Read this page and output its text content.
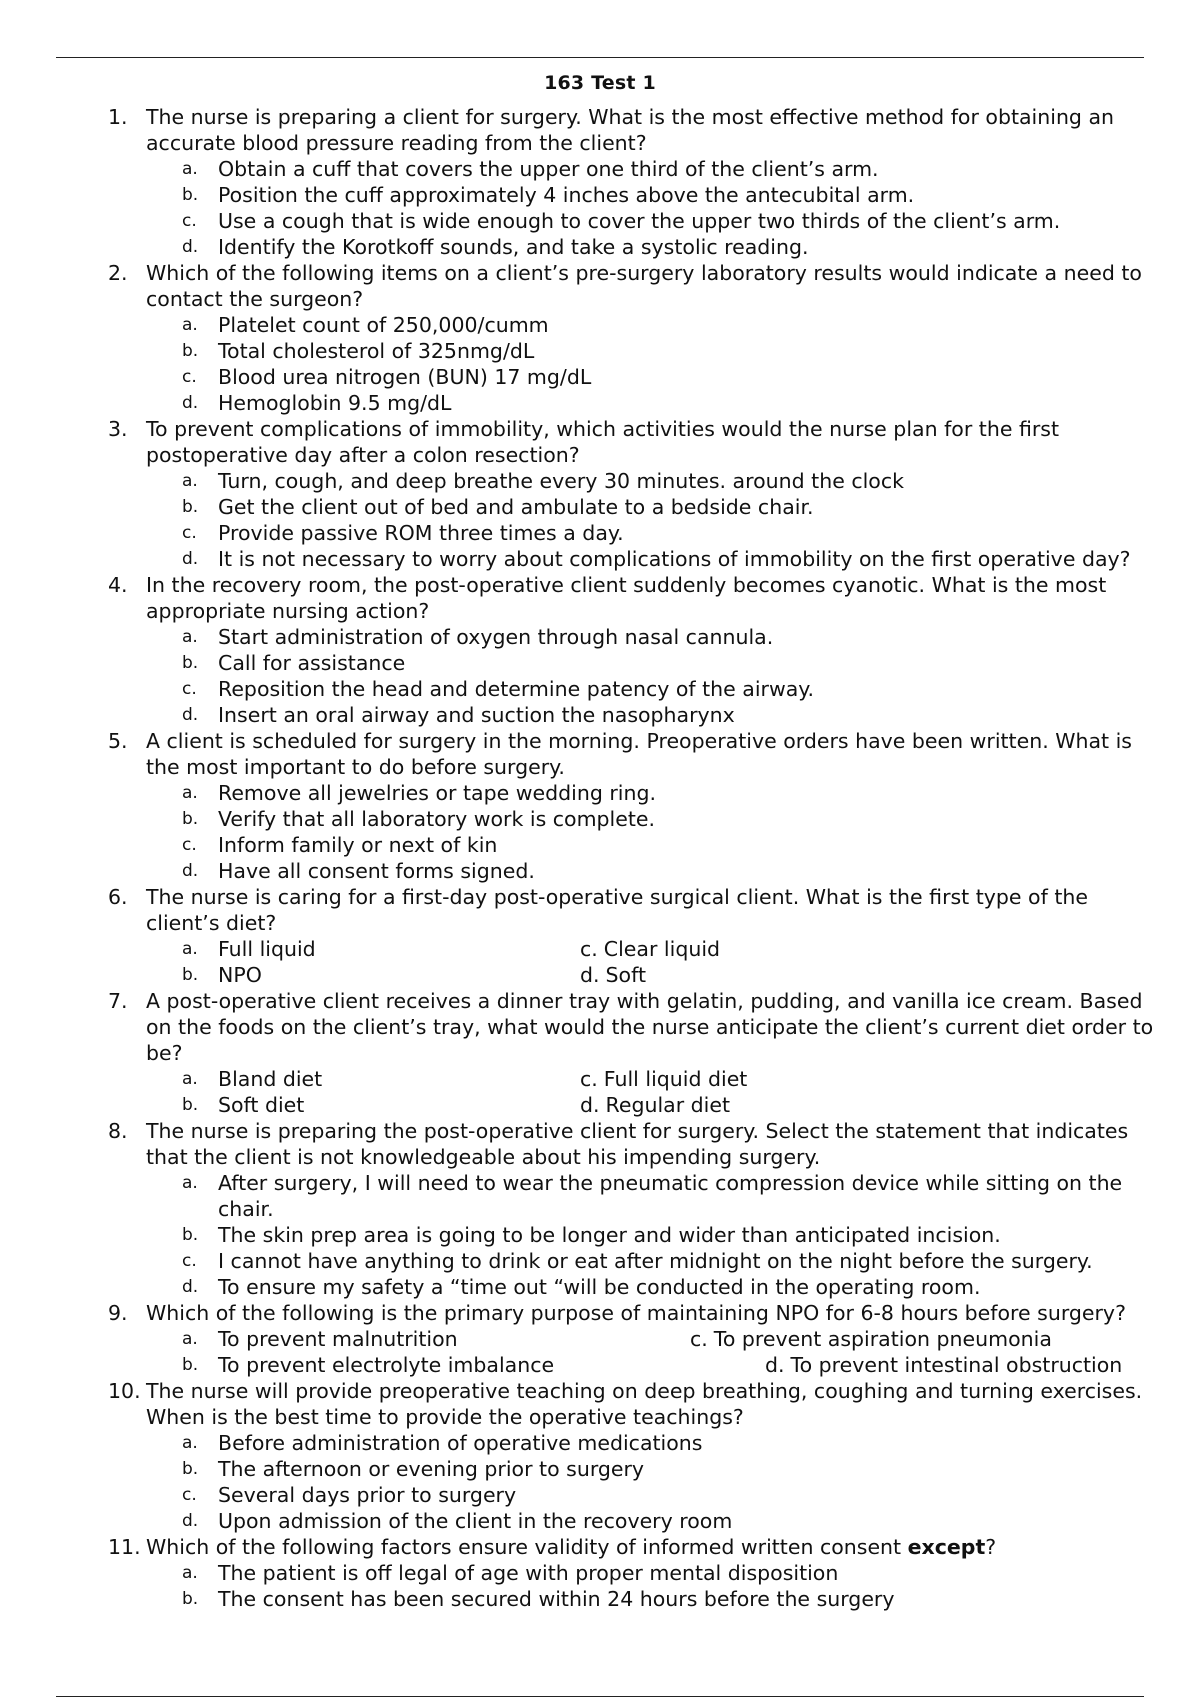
163 Test 1
1. The nurse is preparing a client for surgery. What is the most effective method for obtaining an accurate blood pressure reading from the client?
a. Obtain a cuff that covers the upper one third of the client’s arm.
b. Position the cuff approximately 4 inches above the antecubital arm.
c.	Use a cough that is wide enough to cover the upper two thirds of the client’s arm.
d. Identify the Korotkoff sounds, and take a systolic reading.
2. Which of the following items on a client’s pre-surgery laboratory results would indicate a need to contact the surgeon?
a. Platelet count of 250,000/cumm
b. Total cholesterol of 325nmg/dL
c.	Blood urea nitrogen (BUN) 17 mg/dL
d. Hemoglobin 9.5 mg/dL
3. To prevent complications of immobility, which activities would the nurse plan for the first postoperative day after a colon resection?
a. Turn, cough, and deep breathe every 30 minutes. around the clock
b. Get the client out of bed and ambulate to a bedside chair.
c.	Provide passive ROM three times a day.
d. It is not necessary to worry about complications of immobility on the first operative day?
4. In the recovery room, the post-operative client suddenly becomes cyanotic. What is the most appropriate nursing action?
a. Start administration of oxygen through nasal cannula.
b. Call for assistance
c.	Reposition the head and determine patency of the airway.
d. Insert an oral airway and suction the nasopharynx
5. A client is scheduled for surgery in the morning. Preoperative orders have been written. What is the most important to do before surgery.
a. Remove all jewelries or tape wedding ring.
b. Verify that all laboratory work is complete.
c.	Inform family or next of kin
d. Have all consent forms signed.
6. The nurse is caring for a first-day post-operative surgical client. What is the first type of the client’s diet?
a. Full liquid	c. Clear liquid
b. NPO	d. Soft
7. A post-operative client receives a dinner tray with gelatin, pudding, and vanilla ice cream. Based on the foods on the client’s tray, what would the nurse anticipate the client’s current diet order to be?
a. Bland diet	c. Full liquid diet
b. Soft diet	d. Regular diet
8. The nurse is preparing the post-operative client for surgery. Select the statement that indicates that the client is not knowledgeable about his impending surgery.
a. After surgery, I will need to wear the pneumatic compression device while sitting on the chair.
b. The skin prep area is going to be longer and wider than anticipated incision.
c.	I cannot have anything to drink or eat after midnight on the night before the surgery.
d. To ensure my safety a “time out “will be conducted in the operating room.
9. Which of the following is the primary purpose of maintaining NPO for 6-8 hours before surgery?
a. To prevent malnutrition	c. To prevent aspiration pneumonia
b. To prevent electrolyte imbalance	d. To prevent intestinal obstruction
10. The nurse will provide preoperative teaching on deep breathing, coughing and turning exercises. When is the best time to provide the operative teachings?
a. Before administration of operative medications
b. The afternoon or evening prior to surgery
c.	Several days prior to surgery
d. Upon admission of the client in the recovery room
11. Which of the following factors ensure validity of informed written consent except?
a. The patient is off legal of age with proper mental disposition
b. The consent has been secured within 24 hours before the surgery
